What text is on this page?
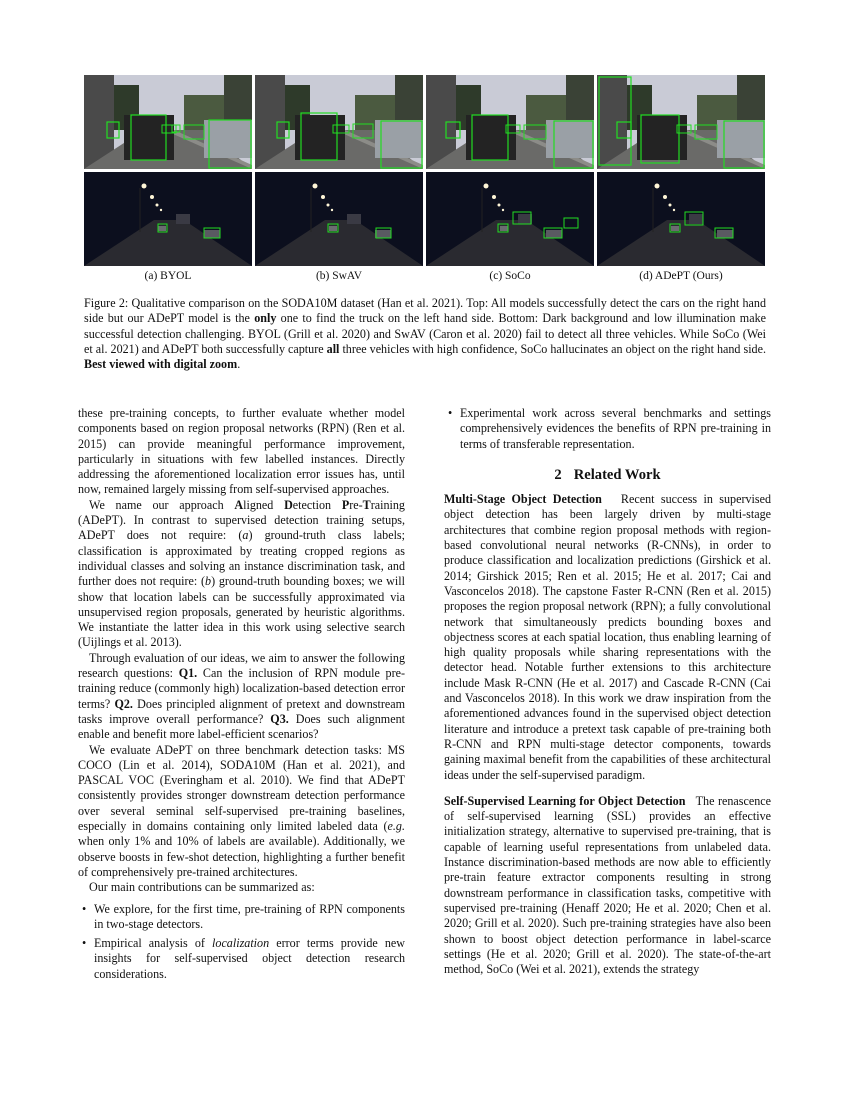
(a) BYOL	(b) SwAV	(c) SoCo	(d) ADePT (Ours)
Figure 2: Qualitative comparison on the SODA10M dataset (Han et al. 2021). Top: All models successfully detect the cars on the right hand side but our ADePT model is the only one to find the truck on the left hand side. Bottom: Dark background and low illumination make successful detection challenging. BYOL (Grill et al. 2020) and SwAV (Caron et al. 2020) fail to detect all three vehicles. While SoCo (Wei et al. 2021) and ADePT both successfully capture all three vehicles with high confidence, SoCo hallucinates an object on the right hand side. Best viewed with digital zoom.

these pre-training concepts, to further evaluate whether model components based on region proposal networks (RPN) (Ren et al. 2015) can provide meaningful performance improvement, particularly in situations with few labelled instances. Directly addressing the aforementioned localization error issues has, until now, remained largely missing from self-supervised approaches.

We name our approach Aligned Detection Pre-Training (ADePT). In contrast to supervised detection training setups, ADePT does not require: (a) ground-truth class labels; classification is approximated by treating cropped regions as individual classes and solving an instance discrimination task, and further does not require: (b) ground-truth bounding boxes; we will show that location labels can be successfully approximated via unsupervised region proposals, generated by heuristic algorithms. We instantiate the latter idea in this work using selective search (Uijlings et al. 2013).

Through evaluation of our ideas, we aim to answer the following research questions: Q1. Can the inclusion of RPN module pre-training reduce (commonly high) localization-based detection error terms? Q2. Does principled alignment of pretext and downstream tasks improve overall performance? Q3. Does such alignment enable and benefit more label-efficient scenarios?

We evaluate ADePT on three benchmark detection tasks: MS COCO (Lin et al. 2014), SODA10M (Han et al. 2021), and PASCAL VOC (Everingham et al. 2010). We find that ADePT consistently provides stronger downstream detection performance over several seminal self-supervised pre-training baselines, especially in domains containing only limited labeled data (e.g. when only 1% and 10% of labels are available). Additionally, we observe boosts in few-shot detection, highlighting a further benefit of comprehensively pre-trained architectures.

Our main contributions can be summarized as:

• We explore, for the first time, pre-training of RPN components in two-stage detectors.
• Empirical analysis of localization error terms provide new insights for self-supervised object detection research considerations.
• Experimental work across several benchmarks and settings comprehensively evidences the benefits of RPN pre-training in terms of transferable representation.
2 Related Work

Multi-Stage Object Detection Recent success in supervised object detection has been largely driven by multi-stage architectures that combine region proposal methods with region-based convolutional neural networks (R-CNNs), in order to produce classification and localization predictions (Girshick et al. 2014; Girshick 2015; Ren et al. 2015; He et al. 2017; Cai and Vasconcelos 2018). The capstone Faster R-CNN (Ren et al. 2015) proposes the region proposal network (RPN); a fully convolutional network that simultaneously predicts bounding boxes and objectness scores at each spatial location, thus enabling learning of high quality proposals while sharing representations with the detector head. Notable further extensions to this architecture include Mask R-CNN (He et al. 2017) and Cascade R-CNN (Cai and Vasconcelos 2018). In this work we draw inspiration from the aforementioned advances found in the supervised object detection literature and introduce a pretext task capable of pre-training both R-CNN and RPN multi-stage detector components, towards gaining maximal benefit from the capabilities of these architectural ideas under the self-supervised paradigm.

Self-Supervised Learning for Object Detection The renascence of self-supervised learning (SSL) provides an effective initialization strategy, alternative to supervised pre-training, that is capable of learning useful representations from unlabeled data. Instance discrimination-based methods are now able to efficiently pre-train feature extractor components resulting in strong downstream performance in classification tasks, competitive with supervised pre-training (Henaff 2020; He et al. 2020; Chen et al. 2020; Grill et al. 2020). Such pre-training strategies have also been shown to boost object detection performance in label-scarce settings (He et al. 2020; Grill et al. 2020). The state-of-the-art method, SoCo (Wei et al. 2021), extends the strategy
